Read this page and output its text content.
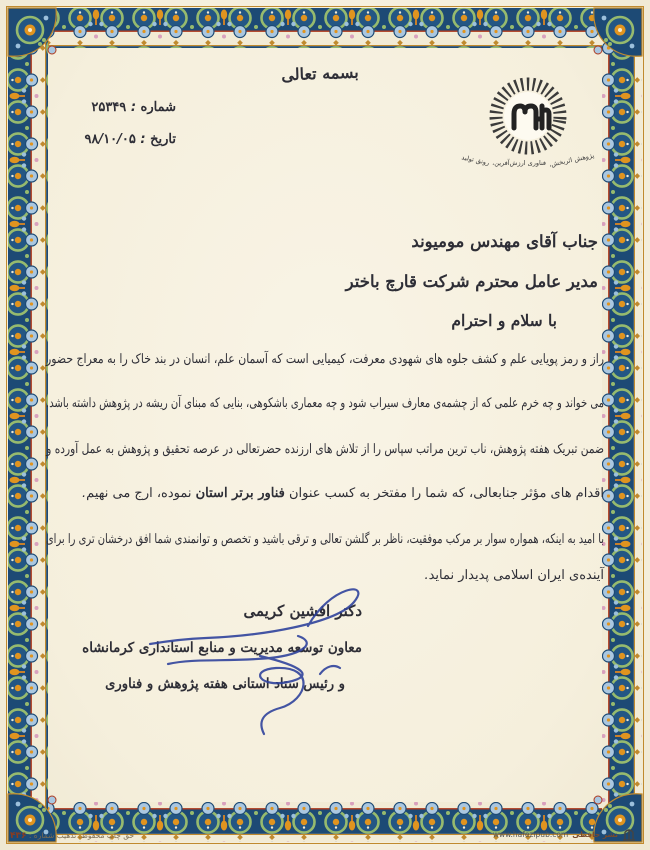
بسمه تعالی
شماره : ۲۵۳۴۹
تاریخ : ۹۸/۱۰/۰۵
پژوهش اثربخش،
فناوری ارزش‌آفرین،
رونق تولید
جناب آقای مهندس مومیوند
مدیر عامل محترم شرکت قارچ باختر
با سلام و احترام
راز و رمز پویایی علم و کشف جلوه های شهودی معرفت، کیمیایی است که آسمان علم، انسان در بند خاک را به معراج حضور
می خواند و چه خرم علمی که از چشمه‌ی معارف سیراب شود و چه معماری باشکوهی، بنایی که مبنای آن ریشه در پژوهش داشته باشد.
ضمن تبریک هفته پژوهش، ناب ترین مراتب سپاس را از تلاش های ارزنده حضرتعالی در عرصه تحقیق و پژوهش به عمل آورده و
اقدام های مؤثر جنابعالی، که شما را مفتخر به کسب عنوان فناور برتر استان نموده، ارج می نهیم.
با امید به اینکه، همواره سوار بر مرکب موفقیت، ناظر بر گلشن تعالی و ترقی باشید و تخصص و توانمندی شما افق درخشان تری را برای
آینده‌ی ایران اسلامی پدیدار نماید.
دکتر افشین کریمی
معاون توسعه مدیریت و منابع استانداری کرمانشاه
و رئیس ستاد استانی هفته پژوهش و فناوری
حق چاپ محفوظ. تذهیب شماره : ۴۳۶	نشر حافظی
www.hafezipub.com
